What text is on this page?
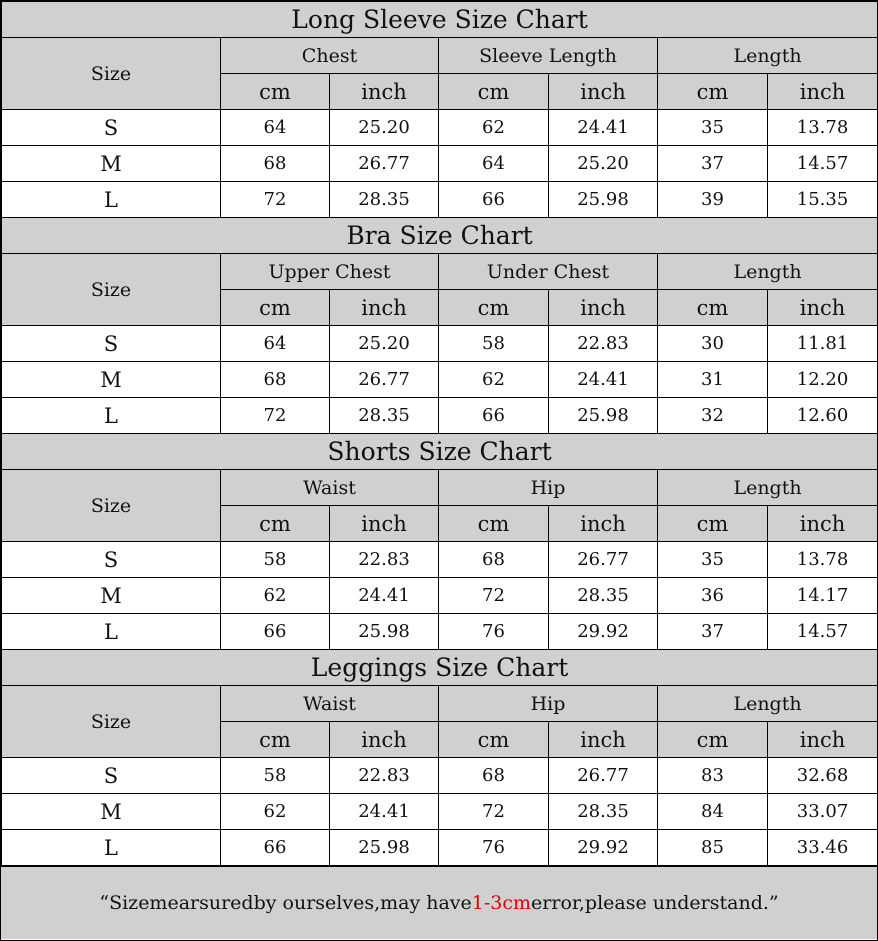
Long Sleeve Size Chart						
Size	Chest		Sleeve Length		Length	
	cm	inch	cm	inch	cm	inch
S	64	25.20	62	24.41	35	13.78
M	68	26.77	64	25.20	37	14.57
L	72	28.35	66	25.98	39	15.35
Bra Size Chart						
Size	Upper Chest		Under Chest		Length	
	cm	inch	cm	inch	cm	inch
S	64	25.20	58	22.83	30	11.81
M	68	26.77	62	24.41	31	12.20
L	72	28.35	66	25.98	32	12.60
Shorts Size Chart						
Size	Waist		Hip		Length	
	cm	inch	cm	inch	cm	inch
S	58	22.83	68	26.77	35	13.78
M	62	24.41	72	28.35	36	14.17
L	66	25.98	76	29.92	37	14.57
Leggings Size Chart						
Size	Waist		Hip		Length	
	cm	inch	cm	inch	cm	inch
S	58	22.83	68	26.77	83	32.68
M	62	24.41	72	28.35	84	33.07
L	66	25.98	76	29.92	85	33.46
“Sizemearsuredby ourselves,may have 1-3cm error,please understand.”
